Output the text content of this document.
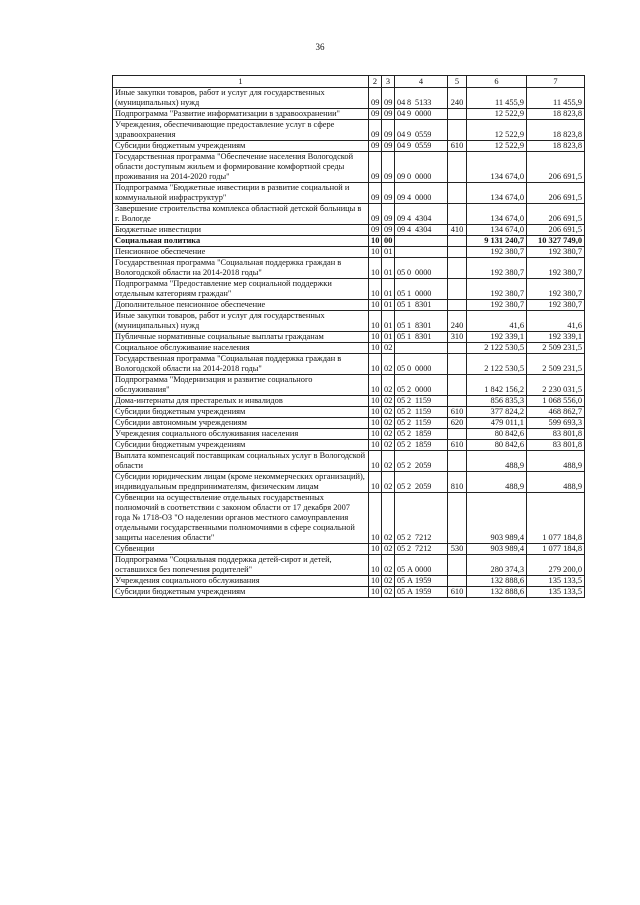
36
1	2	3	4	5	6	7
Иные закупки товаров, работ и услуг для государственных (муниципальных) нужд	09	09	04 8 5133	240	11 455,9	11 455,9
Подпрограмма "Развитие информатизации в здравоохранении"	09	09	04 9 0000		12 522,9	18 823,8
Учреждения, обеспечивающие предоставление услуг в сфере здравоохранения	09	09	04 9 0559		12 522,9	18 823,8
Субсидии бюджетным учреждениям	09	09	04 9 0559	610	12 522,9	18 823,8
Государственная программа "Обеспечение населения Вологодской области доступным жильем и формирование комфортной среды проживания на 2014-2020 годы"	09	09	09 0 0000		134 674,0	206 691,5
Подпрограмма "Бюджетные инвестиции в развитие социальной и коммунальной инфраструктур"	09	09	09 4 0000		134 674,0	206 691,5
Завершение строительства комплекса областной детской больницы в г. Вологде	09	09	09 4 4304		134 674,0	206 691,5
Бюджетные инвестиции	09	09	09 4 4304	410	134 674,0	206 691,5
Социальная политика	10	00			9 131 240,7	10 327 749,0
Пенсионное обеспечение	10	01			192 380,7	192 380,7
Государственная программа "Социальная поддержка граждан в Вологодской области на 2014-2018 годы"	10	01	05 0 0000		192 380,7	192 380,7
Подпрограмма "Предоставление мер социальной поддержки отдельным категориям граждан"	10	01	05 1 0000		192 380,7	192 380,7
Дополнительное пенсионное обеспечение	10	01	05 1 8301		192 380,7	192 380,7
Иные закупки товаров, работ и услуг для государственных (муниципальных) нужд	10	01	05 1 8301	240	41,6	41,6
Публичные нормативные социальные выплаты гражданам	10	01	05 1 8301	310	192 339,1	192 339,1
Социальное обслуживание населения	10	02			2 122 530,5	2 509 231,5
Государственная программа "Социальная поддержка граждан в Вологодской области на 2014-2018 годы"	10	02	05 0 0000		2 122 530,5	2 509 231,5
Подпрограмма "Модернизация и развитие социального обслуживания"	10	02	05 2 0000		1 842 156,2	2 230 031,5
Дома-интернаты для престарелых и инвалидов	10	02	05 2 1159		856 835,3	1 068 556,0
Субсидии бюджетным учреждениям	10	02	05 2 1159	610	377 824,2	468 862,7
Субсидии автономным учреждениям	10	02	05 2 1159	620	479 011,1	599 693,3
Учреждения социального обслуживания населения	10	02	05 2 1859		80 842,6	83 801,8
Субсидии бюджетным учреждениям	10	02	05 2 1859	610	80 842,6	83 801,8
Выплата компенсаций поставщикам социальных услуг в Вологодской области	10	02	05 2 2059		488,9	488,9
Субсидии юридическим лицам (кроме некоммерческих организаций), индивидуальным предпринимателям, физическим лицам	10	02	05 2 2059	810	488,9	488,9
Субвенции на осуществление отдельных государственных полномочий в соответствии с законом области от 17 декабря 2007 года № 1718-ОЗ "О наделении органов местного самоуправления отдельными государственными полномочиями в сфере социальной защиты населения области"	10	02	05 2 7212		903 989,4	1 077 184,8
Субвенции	10	02	05 2 7212	530	903 989,4	1 077 184,8
Подпрограмма "Социальная поддержка детей-сирот и детей, оставшихся без попечения родителей"	10	02	05 А 0000		280 374,3	279 200,0
Учреждения социального обслуживания	10	02	05 А 1959		132 888,6	135 133,5
Субсидии бюджетным учреждениям	10	02	05 А 1959	610	132 888,6	135 133,5
